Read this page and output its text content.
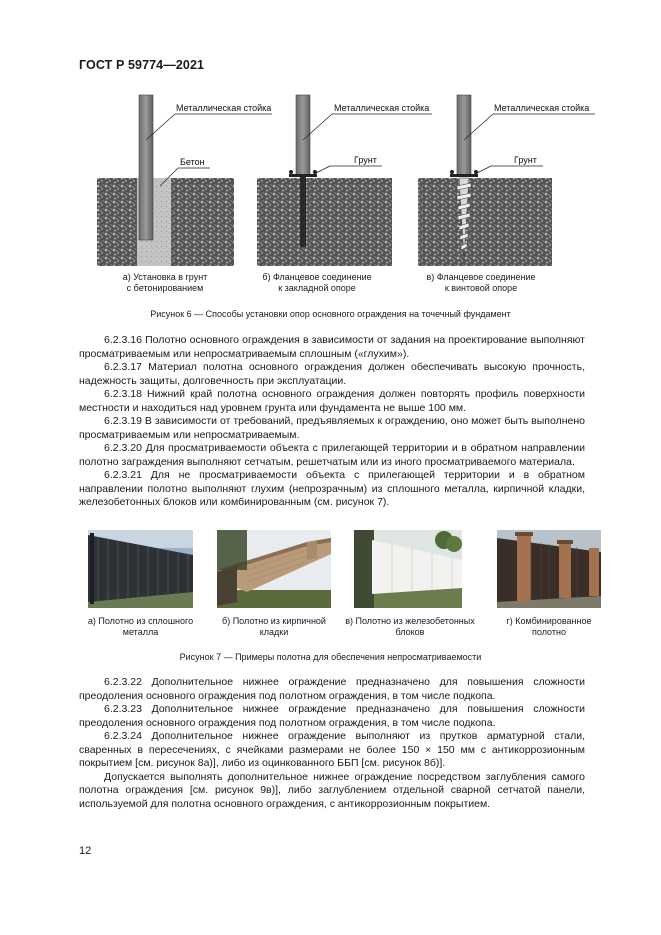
ГОСТ Р 59774—2021
Металлическая стойка
Бетон
Металлическая стойка
Грунт
Металлическая стойка
Грунт
а) Установка в грунт
с бетонированием
б) Фланцевое соединение
к закладной опоре
в) Фланцевое соединение
к винтовой опоре
Рисунок 6 — Способы установки опор основного ограждения на точечный фундамент

6.2.3.16 Полотно основного ограждения в зависимости от задания на проектирование выполняют просматриваемым или непросматриваемым сплошным («глухим»).

6.2.3.17 Материал полотна основного ограждения должен обеспечивать высокую прочность, надежность защиты, долговечность при эксплуатации.

6.2.3.18 Нижний край полотна основного ограждения должен повторять профиль поверхности местности и находиться над уровнем грунта или фундамента не выше 100 мм.

6.2.3.19 В зависимости от требований, предъявляемых к ограждению, оно может быть выполнено просматриваемым или непросматриваемым.

6.2.3.20 Для просматриваемости объекта с прилегающей территории и в обратном направлении полотно заграждения выполняют сетчатым, решетчатым или из иного просматриваемого материала.

6.2.3.21 Для не просматриваемости объекта с прилегающей территории и в обратном направлении полотно выполняют глухим (непрозрачным) из сплошного металла, кирпичной кладки, железобетонных блоков или комбинированным (см. рисунок 7).

а) Полотно из сплошного
металла
б) Полотно из кирпичной
кладки
в) Полотно из железобетонных
блоков
г) Комбинированное
полотно
Рисунок 7 — Примеры полотна для обеспечения непросматриваемости

6.2.3.22 Дополнительное нижнее ограждение предназначено для повышения сложности преодоления основного ограждения под полотном ограждения, в том числе подкопа.

6.2.3.23 Дополнительное нижнее ограждение предназначено для повышения сложности преодоления основного ограждения под полотном ограждения, в том числе подкопа.

6.2.3.24 Дополнительное нижнее ограждение выполняют из прутков арматурной стали, сваренных в пересечениях, с ячейками размерами не более 150 × 150 мм с антикоррозионным покрытием [см. рисунок 8а)], либо из оцинкованного ББП [см. рисунок 8б)].

Допускается выполнять дополнительное нижнее ограждение посредством заглубления самого полотна ограждения [см. рисунок 9в)], либо заглублением отдельной сварной сетчатой панели, используемой для полотна основного ограждения, с антикоррозионным покрытием.

12
